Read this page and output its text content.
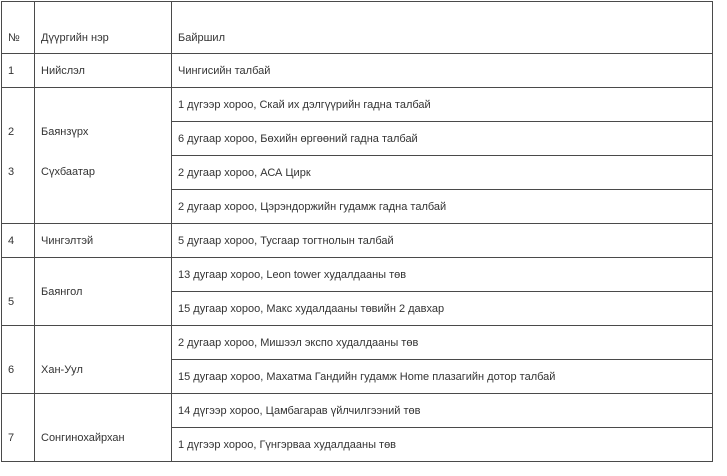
№	Дүүргийн нэр	Байршил
1	Нийслэл	Чингисийн талбай
2	Баянзүрх	1 дүгээр хороо, Скай их дэлгүүрийн гадна талбай
		6 дугаар хороо, Бөхийн өргөөний гадна талбай
3	Сүхбаатар	2 дугаар хороо, АСА Цирк
		2 дугаар хороо, Цэрэндоржийн гудамж гадна талбай
4	Чингэлтэй	5 дугаар хороо, Тусгаар тогтнолын талбай
5	Баянгол	13 дугаар хороо, Leon tower худалдааны төв
		15 дугаар хороо, Макс худалдааны төвийн 2 давхар
6	Хан-Уул	2 дугаар хороо, Мишээл экспо худалдааны төв
		15 дугаар хороо, Махатма Гандийн гудамж Home плазагийн дотор талбай
7	Сонгинохайрхан	14 дүгээр хороо, Цамбагарав үйлчилгээний төв
		1 дүгээр хороо, Гүнгэрваа худалдааны төв
